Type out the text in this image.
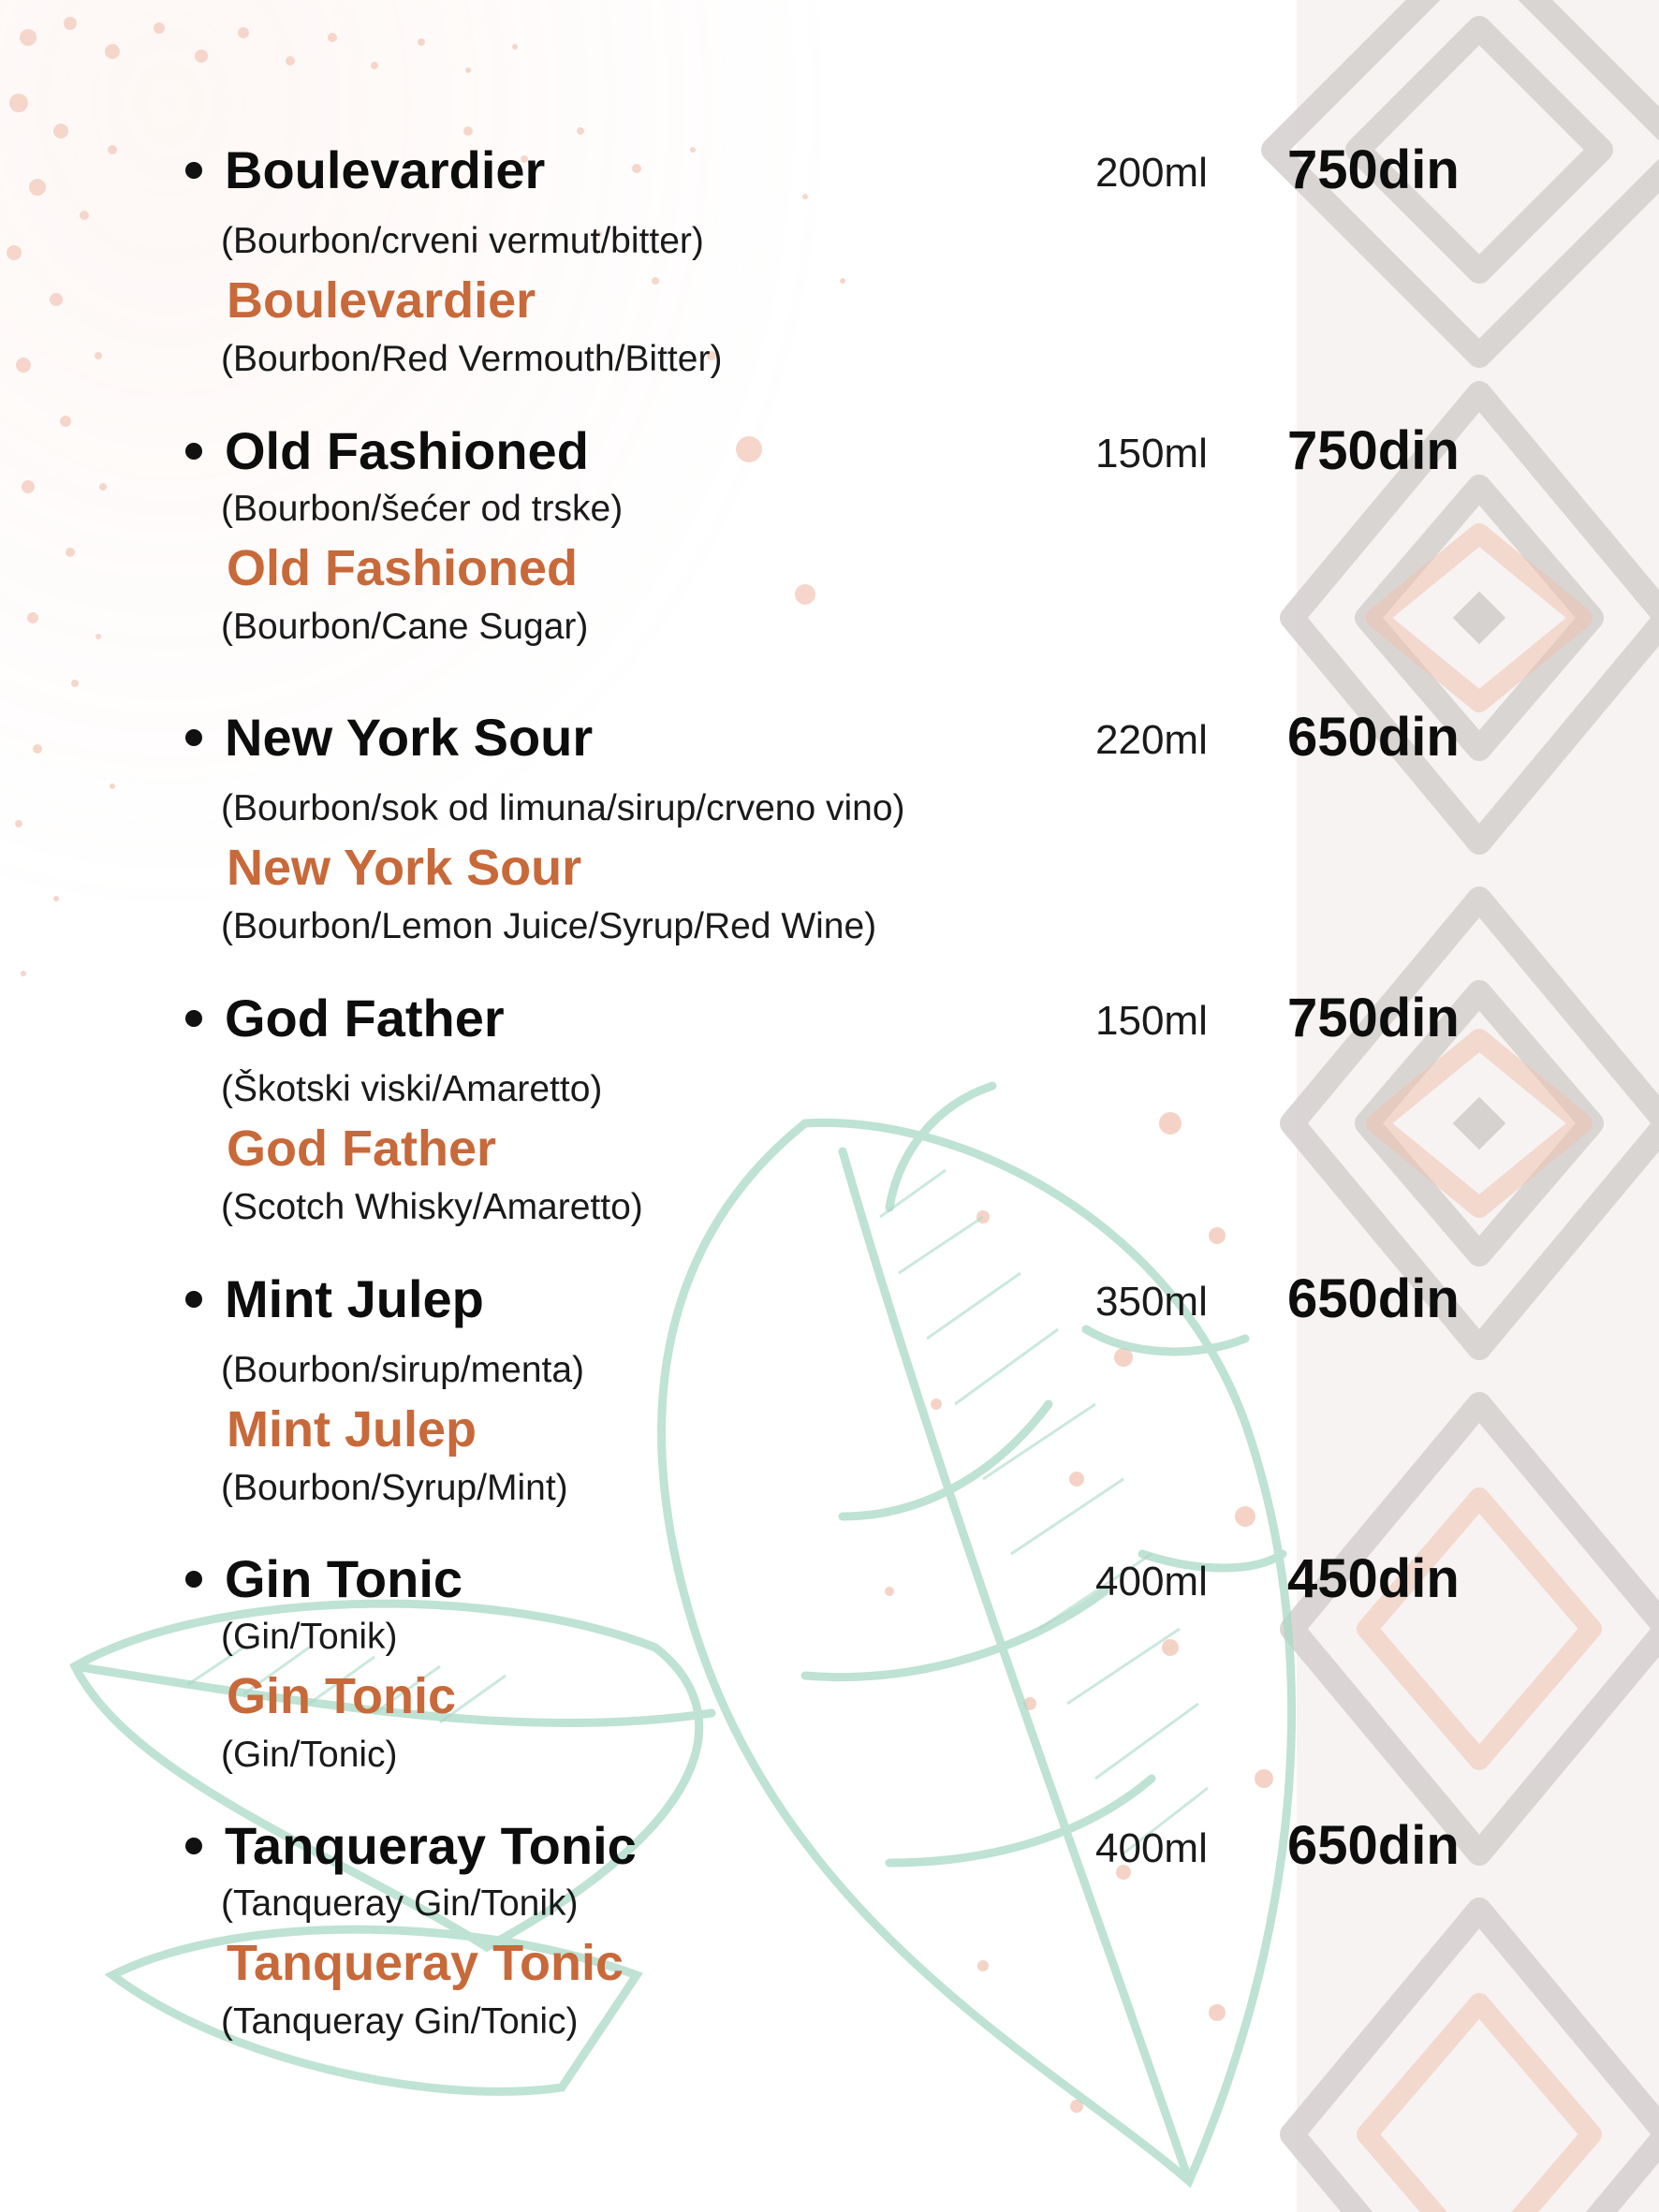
Boulevardier	200ml 750din
(Bourbon/crveni vermut/bitter)
Boulevardier
(Bourbon/Red Vermouth/Bitter)
Old Fashioned	150ml 750din
(Bourbon/šećer od trske)
Old Fashioned
(Bourbon/Cane Sugar)
New York Sour	220ml 650din
(Bourbon/sok od limuna/sirup/crveno vino)
New York Sour
(Bourbon/Lemon Juice/Syrup/Red Wine)
God Father	150ml 750din
(Škotski viski/Amaretto)
God Father
(Scotch Whisky/Amaretto)
Mint Julep	350ml 650din
(Bourbon/sirup/menta)
Mint Julep
(Bourbon/Syrup/Mint)
Gin Tonic	400ml 450din
(Gin/Tonik)
Gin Tonic
(Gin/Tonic)
Tanqueray Tonic	400ml 650din
(Tanqueray Gin/Tonik)
Tanqueray Tonic
(Tanqueray Gin/Tonic)
